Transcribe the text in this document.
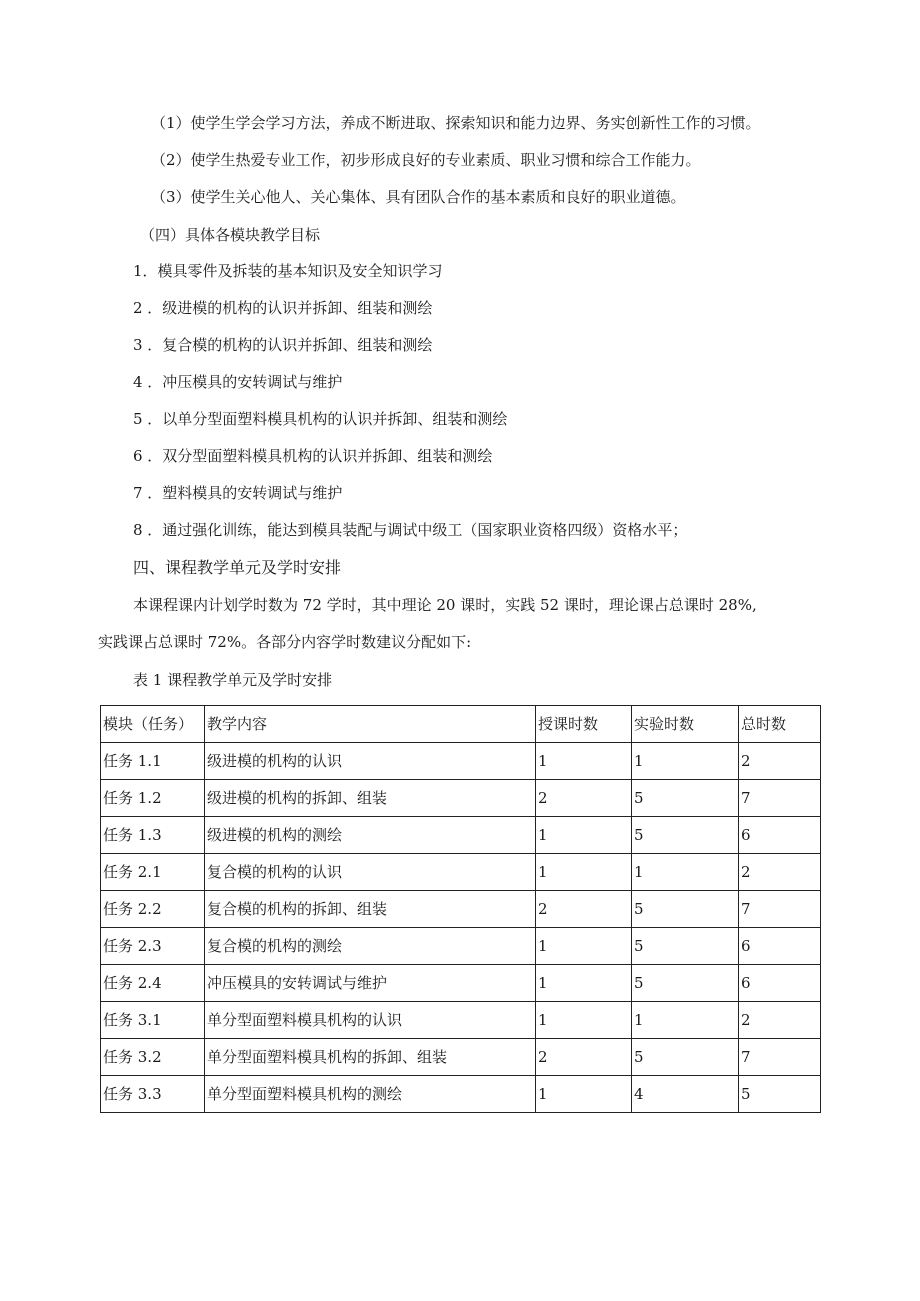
（1）使学生学会学习方法，养成不断进取、探索知识和能力边界、务实创新性工作的习惯。
（2）使学生热爱专业工作，初步形成良好的专业素质、职业习惯和综合工作能力。
（3）使学生关心他人、关心集体、具有团队合作的基本素质和良好的职业道德。
（四）具体各模块教学目标
1．模具零件及拆装的基本知识及安全知识学习
2 ．级进模的机构的认识并拆卸、组装和测绘
3 ．复合模的机构的认识并拆卸、组装和测绘
4 ．冲压模具的安转调试与维护
5 ．以单分型面塑料模具机构的认识并拆卸、组装和测绘
6 ．双分型面塑料模具机构的认识并拆卸、组装和测绘
7 ．塑料模具的安转调试与维护
8 ．通过强化训练，能达到模具装配与调试中级工（国家职业资格四级）资格水平；
四、课程教学单元及学时安排
本课程课内计划学时数为 72 学时，其中理论 20 课时，实践 52 课时，理论课占总课时 28%,
实践课占总课时 72%。各部分内容学时数建议分配如下:
表 1 课程教学单元及学时安排
模块（任务）	教学内容	授课时数	实验时数	总时数
任务 1.1	级进模的机构的认识	1	1	2
任务 1.2	级进模的机构的拆卸、组装	2	5	7
任务 1.3	级进模的机构的测绘	1	5	6
任务 2.1	复合模的机构的认识	1	1	2
任务 2.2	复合模的机构的拆卸、组装	2	5	7
任务 2.3	复合模的机构的测绘	1	5	6
任务 2.4	冲压模具的安转调试与维护	1	5	6
任务 3.1	单分型面塑料模具机构的认识	1	1	2
任务 3.2	单分型面塑料模具机构的拆卸、组装	2	5	7
任务 3.3	单分型面塑料模具机构的测绘	1	4	5
